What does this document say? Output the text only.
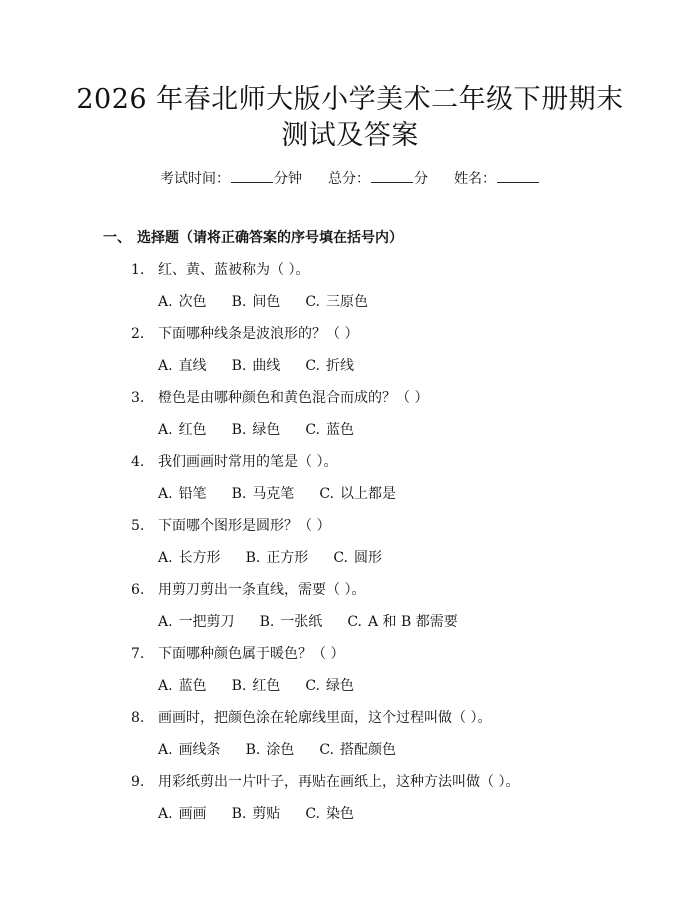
2026 年春北师大版小学美术二年级下册期末
测试及答案
考试时间：	分钟 总分：	分 姓名：
一、 选择题（请将正确答案的序号填在括号内）
1. 红、黄、蓝被称为（ ）。
A. 次色 B. 间色 C. 三原色
2. 下面哪种线条是波浪形的？（ ）
A. 直线 B. 曲线 C. 折线
3. 橙色是由哪种颜色和黄色混合而成的？（ ）
A. 红色 B. 绿色 C. 蓝色
4. 我们画画时常用的笔是（ ）。
A. 铅笔 B. 马克笔 C. 以上都是
5. 下面哪个图形是圆形？（ ）
A. 长方形 B. 正方形 C. 圆形
6. 用剪刀剪出一条直线，需要（ ）。
A. 一把剪刀 B. 一张纸 C. A 和 B 都需要
7. 下面哪种颜色属于暖色？（ ）
A. 蓝色 B. 红色 C. 绿色
8. 画画时，把颜色涂在轮廓线里面，这个过程叫做（ ）。
A. 画线条 B. 涂色 C. 搭配颜色
9. 用彩纸剪出一片叶子，再贴在画纸上，这种方法叫做（ ）。
A. 画画 B. 剪贴 C. 染色
